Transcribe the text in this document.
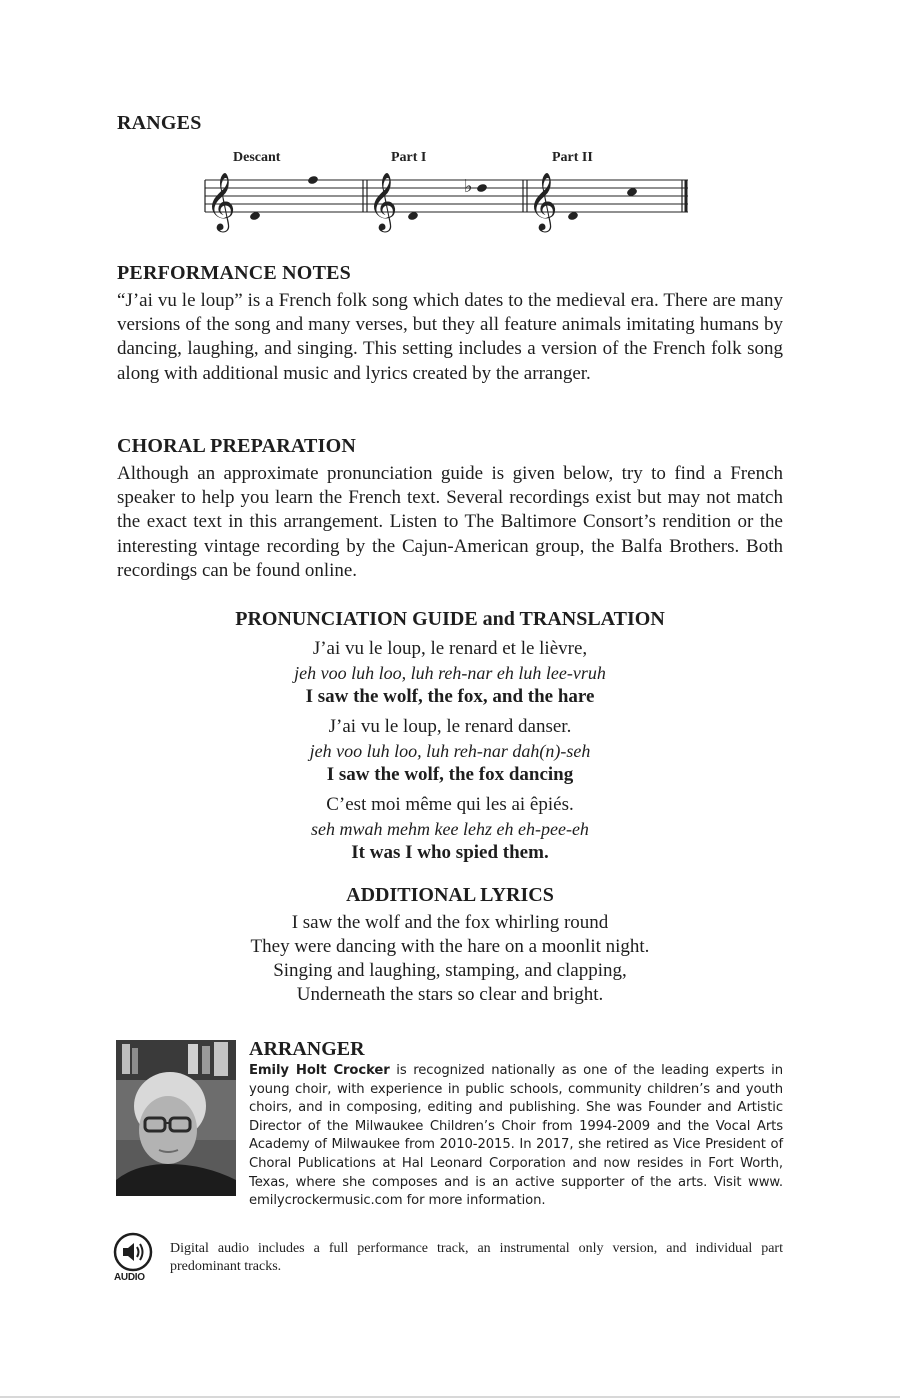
RANGES
Descant	Part I	Part II
𝄞	𝄞	𝄞
♭
PERFORMANCE NOTES
“J’ai vu le loup” is a French folk song which dates to the medieval era. There are many versions of the song and many verses, but they all feature animals imitating humans by dancing, laughing, and singing. This setting includes a version of the French folk song along with additional music and lyrics created by the arranger.
CHORAL PREPARATION
Although an approximate pronunciation guide is given below, try to find a French speaker to help you learn the French text. Several recordings exist but may not match the exact text in this arrangement. Listen to The Baltimore Consort’s rendition or the interesting vintage recording by the Cajun-American group, the Balfa Brothers. Both recordings can be found online.
PRONUNCIATION GUIDE and TRANSLATION
J’ai vu le loup, le renard et le lièvre,
jeh voo luh loo, luh reh-nar eh luh lee-vruh
I saw the wolf, the fox, and the hare
J’ai vu le loup, le renard danser.
jeh voo luh loo, luh reh-nar dah(n)-seh
I saw the wolf, the fox dancing
C’est moi même qui les ai êpiés.
seh mwah mehm kee lehz eh eh-pee-eh
It was I who spied them.
ADDITIONAL LYRICS
I saw the wolf and the fox whirling round
They were dancing with the hare on a moonlit night.
Singing and laughing, stamping, and clapping,
Underneath the stars so clear and bright.
ARRANGER
Emily Holt Crocker is recognized nationally as one of the leading experts in young choir, with experience in public schools, community children’s and youth choirs, and in composing, editing and publishing. She was Founder and Artistic Director of the Milwaukee Children’s Choir from 1994-2009 and the Vocal Arts Academy of Milwaukee from 2010-2015. In 2017, she retired as Vice President of Choral Publications at Hal Leonard Corporation and now resides in Fort Worth, Texas, where she composes and is an active supporter of the arts. Visit www. emilycrockermusic.com for more information.
AUDIO
Digital audio includes a full performance track, an instrumental only version, and individual part predominant tracks.
